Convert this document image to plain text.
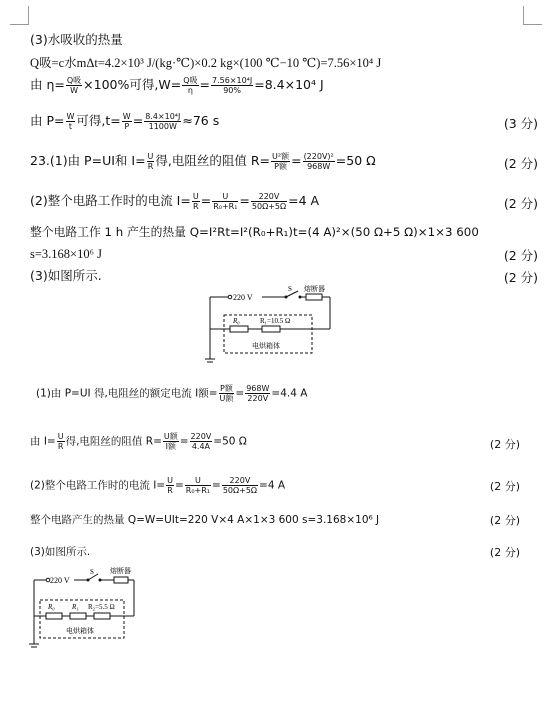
(3)水吸收的热量
Q吸=c水mΔt=4.2×10³ J/(kg·℃)×0.2 kg×(100 ℃−10 ℃)=7.56×10⁴ J
由 $\eta= \frac{\text{Q吸}}{W} \times 100\%$可得$,W= \frac{\text{Q吸}}{\eta} = \frac{\text{7.56×10⁴J}}{90\%} =8.4\times 10^4$ J
由 $P= \frac{W}{t}$ 可得$,t= \frac{W}{P} = \frac{\text{8.4×10⁴J}}{1100W} \approx 76$ s	(3 分)
23.(1)由 P=UI和 $I= \frac{U}{R}$ 得,电阻丝的阻值 $R= \frac{\text{U²额}}{\text{P额}} = \frac{\text{(220V)²}}{968W} =50$ Ω	(2 分)
(2)整个电路工作时的电流 $I= \frac{U}{R} = \frac{U}{\text{R₀+R₁}} = \frac{220V}{50\Omega+5\Omega} =4$ A	(2 分)
整个电路工作 1 h 产生的热量 Q=I²Rt=I²(R₀+R₁)t=(4 A)²×(50 Ω+5 Ω)×1×3 600
s=3.168×10⁶ J	(2 分)
(3)如图所示.	(2 分)
220 V
S 熔断器
R₀	R₁=10.5 Ω
电烘箱体
(1)由 P=UI 得,电阻丝的额定电流 I额= $\frac{\text{P额}}{\text{U额}} = \frac{968W}{220V} =4.4$ A
由 $I= \frac{U}{R}$ 得,电阻丝的阻值 $R= \frac{\text{U额}}{\text{I额}} = \frac{220V}{4.4A} =50$ Ω	(2 分)
(2)整个电路工作时的电流 $I= \frac{U}{R} = \frac{U}{\text{R₀+R₁}} = \frac{220V}{50\Omega+5\Omega} =4$ A	(2 分)
整个电路产生的热量 Q=W=UIt=220 V×4 A×1×3 600 s=3.168×10⁶ J	(2 分)
(3)如图所示.	(2 分)
220 V
S 熔断器
R₀ R₁ R₂=5.5 Ω
电烘箱体
